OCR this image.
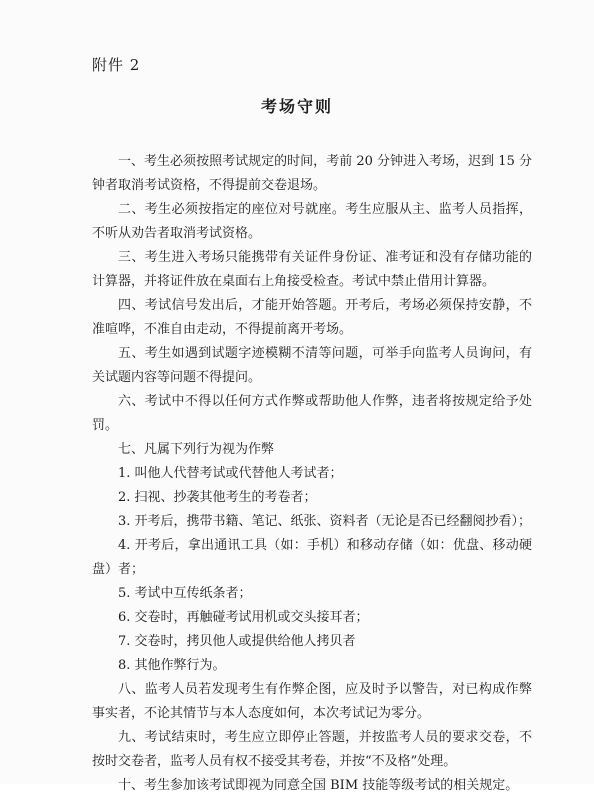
附件 2
考场守则

一、考生必须按照考试规定的时间，考前 20 分钟进入考场，迟到 15 分钟者取消考试资格，不得提前交卷退场。

二、考生必须按指定的座位对号就座。考生应服从主、监考人员指挥，不听从劝告者取消考试资格。

三、考生进入考场只能携带有关证件身份证、准考证和没有存储功能的计算器，并将证件放在桌面右上角接受检查。考试中禁止借用计算器。

四、考试信号发出后，才能开始答题。开考后，考场必须保持安静，不准喧哗，不准自由走动，不得提前离开考场。

五、考生如遇到试题字迹模糊不清等问题，可举手向监考人员询问，有关试题内容等问题不得提问。

六、考试中不得以任何方式作弊或帮助他人作弊，违者将按规定给予处罚。

七、凡属下列行为视为作弊

1. 叫他人代替考试或代替他人考试者；

2. 扫视、抄袭其他考生的考卷者；

3. 开考后，携带书籍、笔记、纸张、资料者（无论是否已经翻阅抄看）；

4. 开考后，拿出通讯工具（如：手机）和移动存储（如：优盘、移动硬盘）者；

5. 考试中互传纸条者；

6. 交卷时，再触碰考试用机或交头接耳者；

7. 交卷时，拷贝他人或提供给他人拷贝者

8. 其他作弊行为。

八、监考人员若发现考生有作弊企图，应及时予以警告，对已构成作弊事实者，不论其情节与本人态度如何，本次考试记为零分。

九、考试结束时，考生应立即停止答题，并按监考人员的要求交卷，不按时交卷者，监考人员有权不接受其考卷，并按“不及格”处理。

十、考生参加该考试即视为同意全国 BIM 技能等级考试的相关规定。
